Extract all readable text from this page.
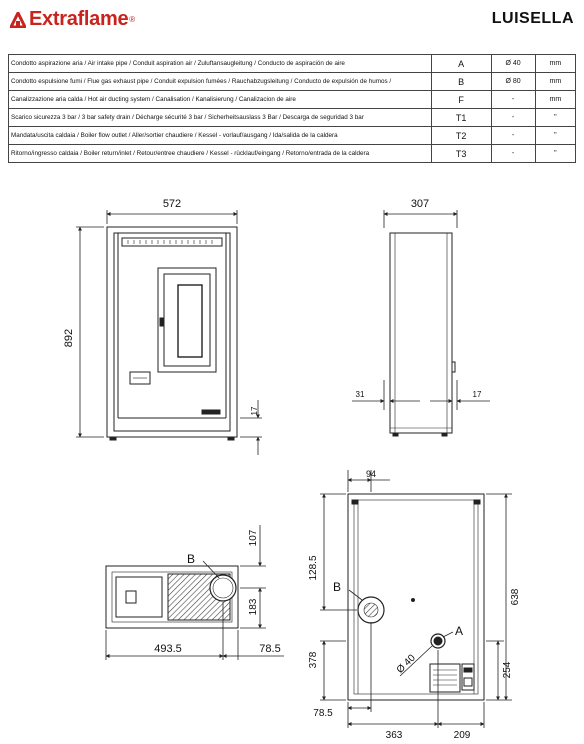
Extraflame ®	LUISELLA
Condotto aspirazione aria / Air intake pipe / Conduit aspiration air / Zuluftansaugleitung / Conducto de aspiración de aire	A	Ø 40	mm
Condotto espulsione fumi / Flue gas exhaust pipe / Conduit expulsion fumées / Rauchabzugsleitung / Conducto de expulsión de humos /	B	Ø 80	mm
Canalizzazione aria calda / Hot air ducting system / Canalisation / Kanalisierung / Canalizacion de aire	F	-	mm
Scarico sicurezza 3 bar / 3 bar safety drain / Décharge sécurité 3 bar / Sicherheitsauslass 3 Bar / Descarga de seguridad 3 bar	T1	-	"
Mandata/uscita caldaia / Boiler flow outlet / Aller/sortier chaudiere / Kessel - vorlauf/ausgang / Ida/salida de la caldera	T2	-	"
Ritorno/ingresso caldaia / Boiler return/inlet / Retour/entree chaudiere / Kessel - rücklauf/eingang / Retorno/entrada de la caldera	T3	-	"
572
892
17
307
31	17
B
493.5	78.5
107
183
94
638
128.5
378
254
78.5
363	209
B
A
Ø 40
